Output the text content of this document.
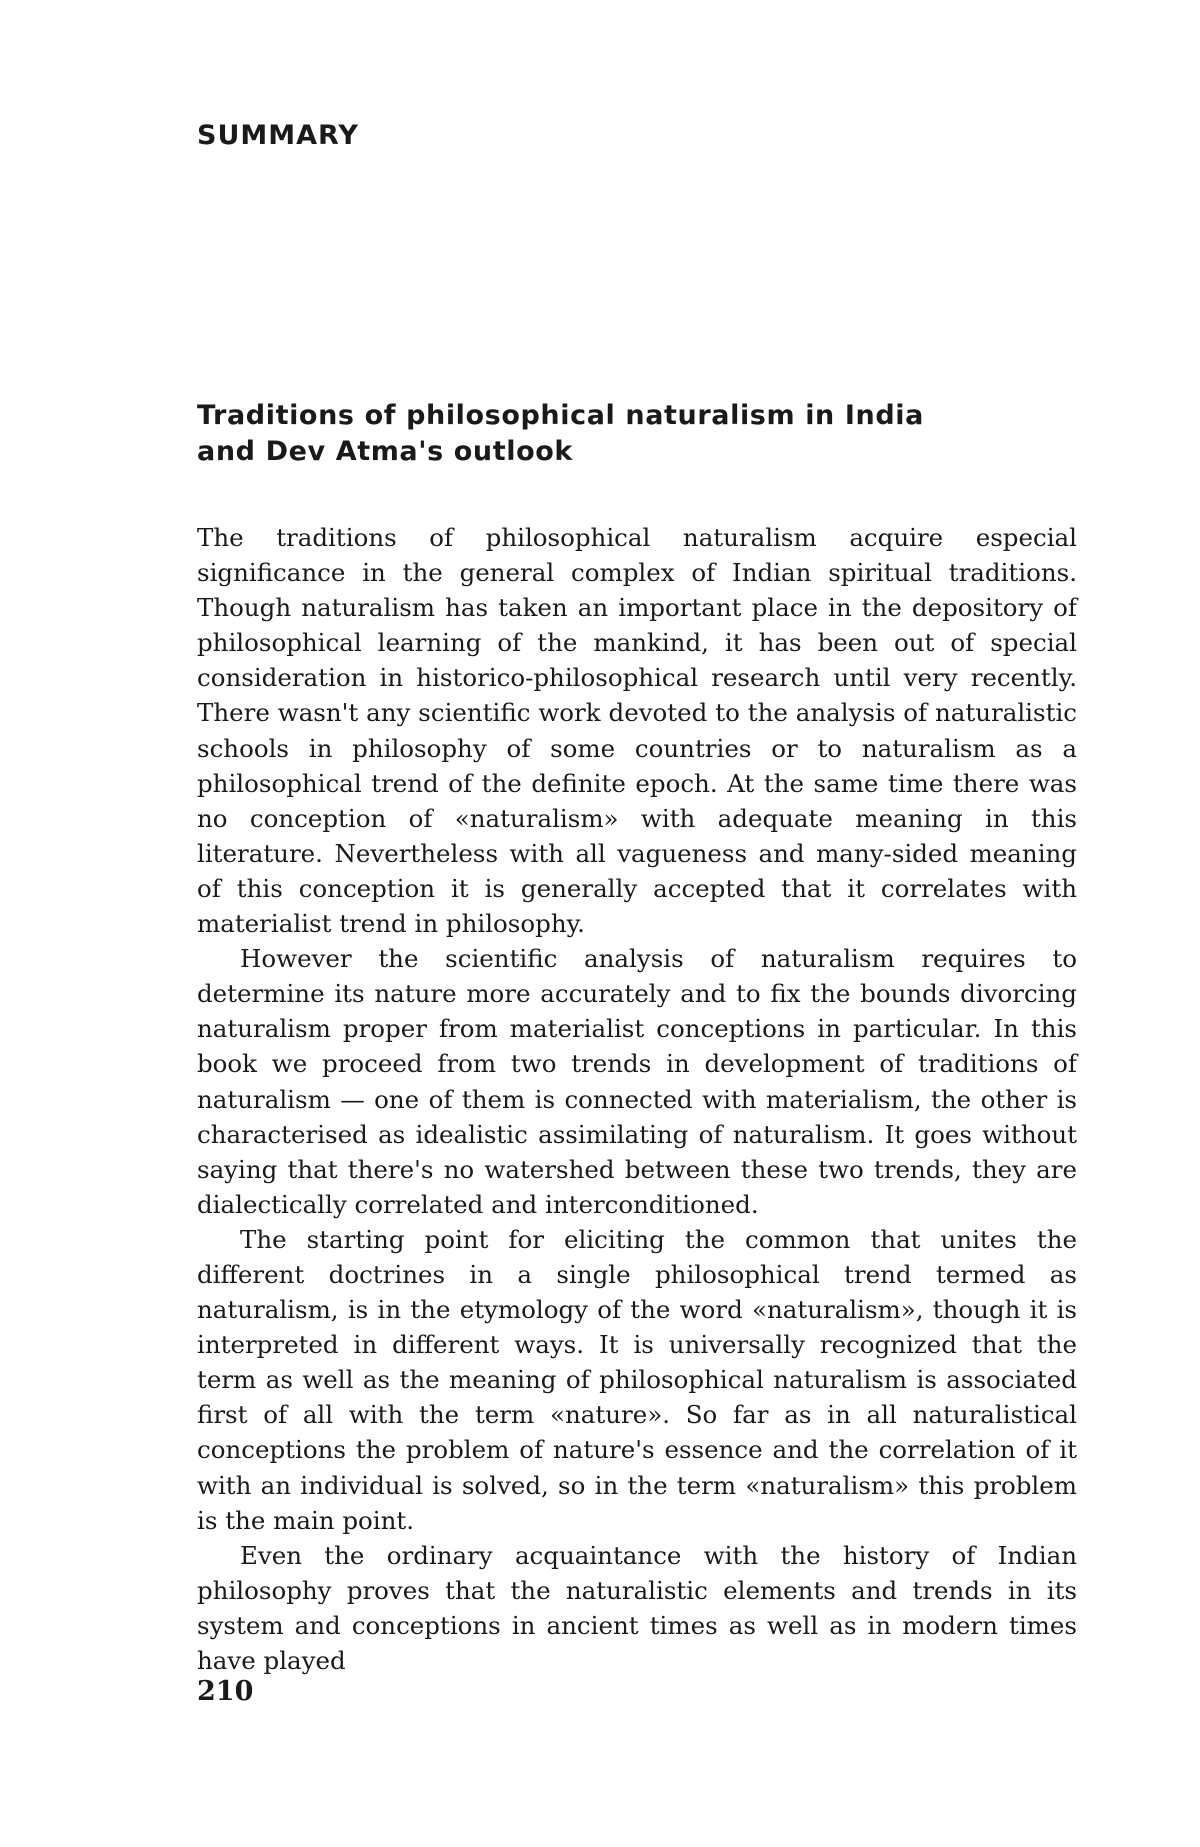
SUMMARY
Traditions of philosophical naturalism in India
and Dev Atma's outlook

The traditions of philosophical naturalism acquire especial significance in the general complex of Indian spiritual traditions. Though naturalism has taken an important place in the depository of philosophical learning of the mankind, it has been out of special consideration in historico-philosophical research until very recently. There wasn't any scientific work devoted to the analysis of naturalistic schools in philosophy of some countries or to naturalism as a philosophical trend of the definite epoch. At the same time there was no conception of «naturalism» with adequate meaning in this literature. Nevertheless with all vagueness and many-sided meaning of this conception it is generally accepted that it correlates with materialist trend in philosophy.

However the scientific analysis of naturalism requires to determine its nature more accurately and to fix the bounds divorcing naturalism proper from materialist conceptions in particular. In this book we proceed from two trends in development of traditions of naturalism — one of them is connected with materialism, the other is characterised as idealistic assimilating of naturalism. It goes without saying that there's no watershed between these two trends, they are dialectically correlated and interconditioned.

The starting point for eliciting the common that unites the different doctrines in a single philosophical trend termed as naturalism, is in the etymology of the word «naturalism», though it is interpreted in different ways. It is universally recognized that the term as well as the meaning of philosophical naturalism is associated first of all with the term «nature». So far as in all naturalistical conceptions the problem of nature's essence and the correlation of it with an individual is solved, so in the term «naturalism» this problem is the main point.

Even the ordinary acquaintance with the history of Indian philosophy proves that the naturalistic elements and trends in its system and conceptions in ancient times as well as in modern times have played

210
